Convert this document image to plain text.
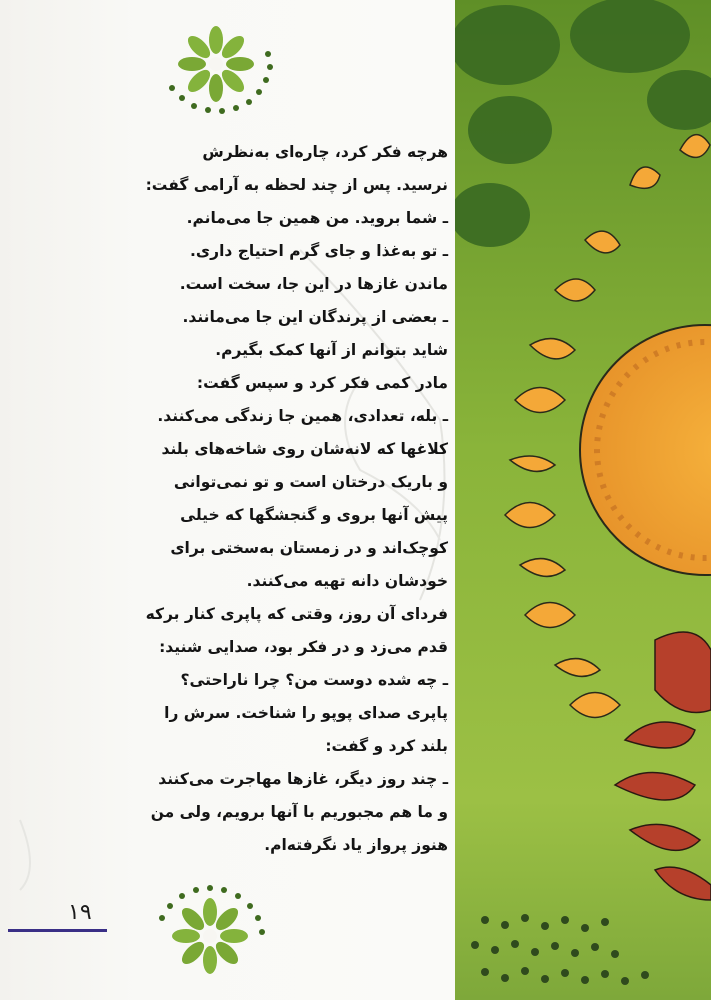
هرچه فکر کرد، چاره‌ای به‌نظرش
نرسید. پس از چند لحظه به آرامی گفت:
ـ شما بروید. من همین جا می‌مانم.
ـ تو به‌غذا و جای گرم احتیاج داری.
ماندن غازها در این جا، سخت است.
ـ بعضی از پرندگان این جا می‌مانند.
شاید بتوانم از آنها کمک بگیرم.
مادر کمی فکر کرد و سپس گفت:
ـ بله، تعدادی، همین جا زندگی می‌کنند.
کلاغها که لانه‌شان روی شاخه‌های بلند
و باریک درختان است و تو نمی‌توانی
پیش آنها بروی و گنجشگها که خیلی
کوچک‌اند و در زمستان به‌سختی برای
خودشان دانه تهیه می‌کنند.
فردای آن روز، وقتی که پاپری کنار برکه
قدم می‌زد و در فکر بود، صدایی شنید:
ـ چه شده دوست من؟ چرا ناراحتی؟
پاپری صدای پوپو را شناخت. سرش را
بلند کرد و گفت:
ـ چند روز دیگر، غازها مهاجرت می‌کنند
و ما هم مجبوریم با آنها برویم، ولی من
هنوز پرواز یاد نگرفته‌ام.
۱۹
